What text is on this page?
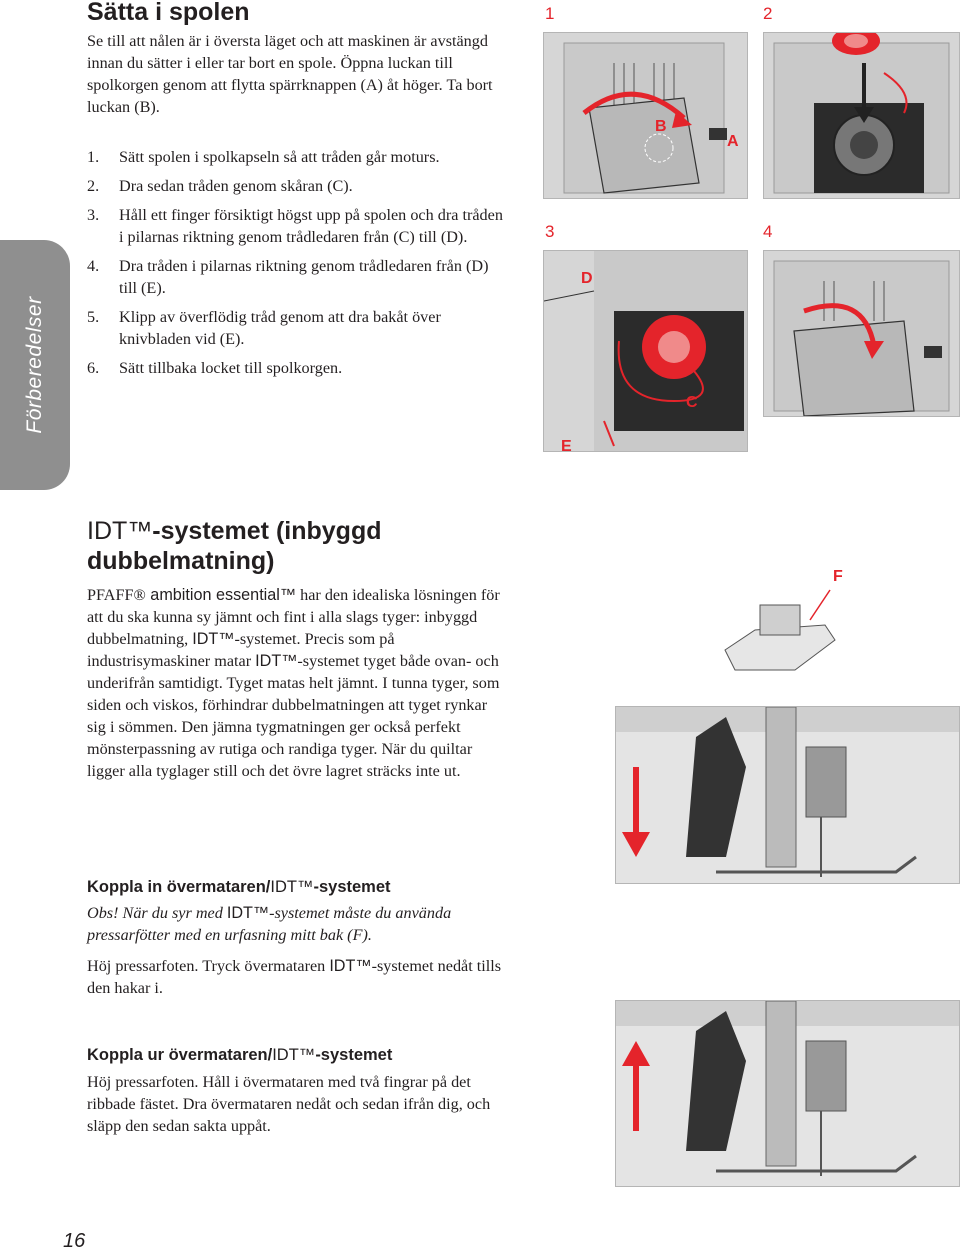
Förberedelser
Sätta i spolen

Se till att nålen är i översta läget och att maskinen är avstängd innan du sätter i eller tar bort en spole. Öppna luckan till spolkorgen genom att flytta spärrknappen (A) åt höger. Ta bort luckan (B).

1.	Sätt spolen i spolkapseln så att tråden går moturs.
2.	Dra sedan tråden genom skåran (C).
3.	Håll ett finger försiktigt högst upp på spolen och dra tråden i pilarnas riktning genom trådledaren från (C) till (D).
4.	Dra tråden i pilarnas riktning genom trådledaren från (D) till (E).
5.	Klipp av överflödig tråd genom att dra bakåt över knivbladen vid (E).
6.	Sätt tillbaka locket till spolkorgen.
1	2
3	4
B
A
D
C
E
IDT™-systemet (inbyggd dubbelmatning)

PFAFF® ambition essential™ har den idealiska lösningen för att du ska kunna sy jämnt och fint i alla slags tyger: inbyggd dubbelmatning, IDT™-systemet. Precis som på industrisymaskiner matar IDT™-systemet tyget både ovan- och underifrån samtidigt. Tyget matas helt jämnt. I tunna tyger, som siden och viskos, förhindrar dubbelmatningen att tyget rynkar sig i sömmen. Den jämna tygmatningen ger också perfekt mönsterpassning av rutiga och randiga tyger. När du quiltar ligger alla tyglager still och det övre lagret sträcks inte ut.

F
Koppla in övermataren/IDT™-systemet

Obs! När du syr med IDT™-systemet måste du använda pressarfötter med en urfasning mitt bak (F).

Höj pressarfoten. Tryck övermataren IDT™-systemet nedåt tills den hakar i.

Koppla ur övermataren/IDT™-systemet

Höj pressarfoten. Håll i övermataren med två fingrar på det ribbade fästet. Dra övermataren nedåt och sedan ifrån dig, och släpp den sedan sakta uppåt.

16
